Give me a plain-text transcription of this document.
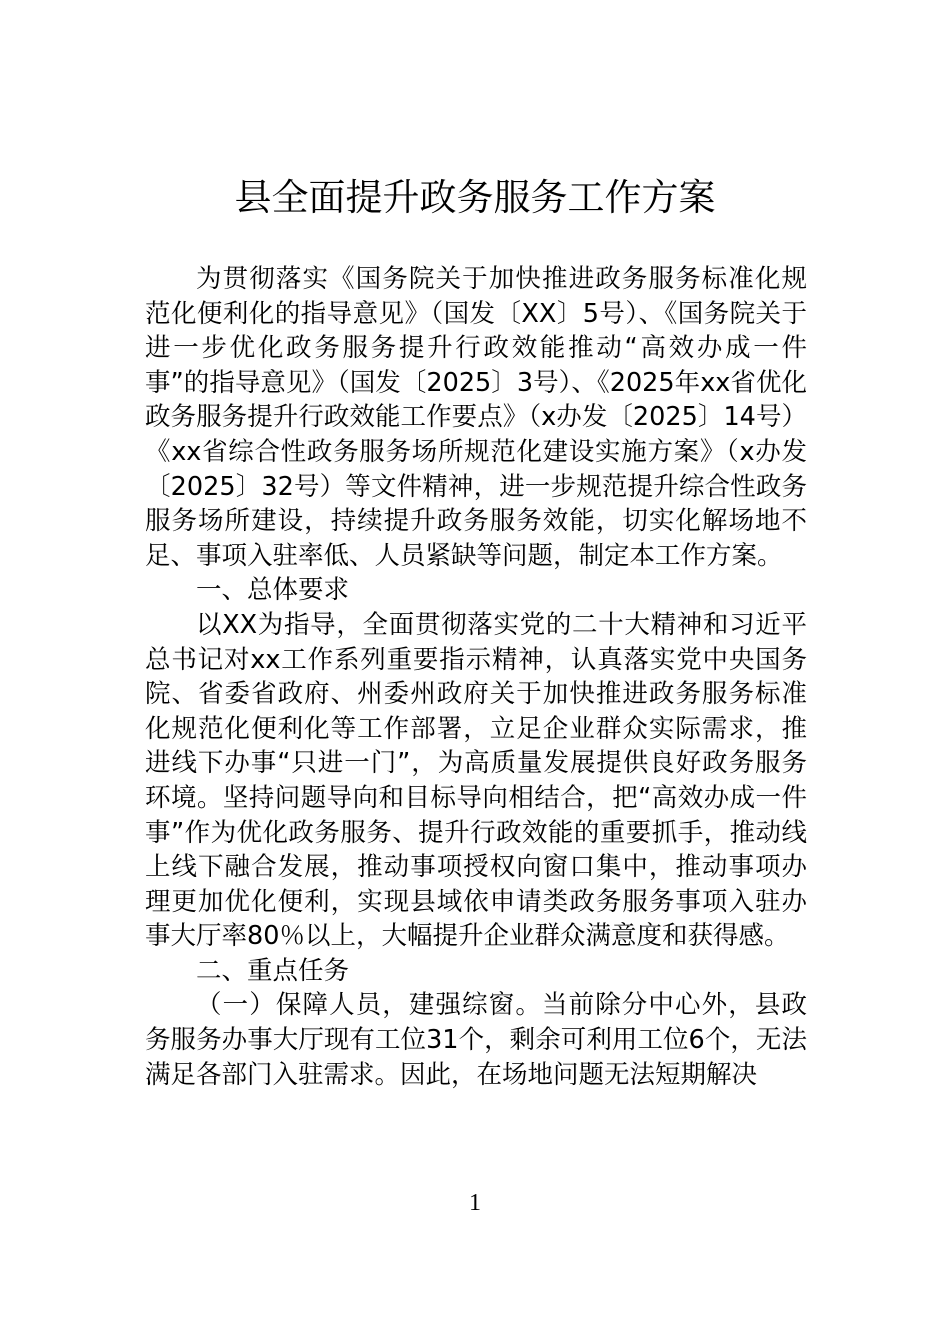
县全面提升政务服务工作方案

为贯彻落实《国务院关于加快推进政务服务标准化规范化便利化的指导意见》（国发〔XX〕5号）、《国务院关于进一步优化政务服务提升行政效能推动“高效办成一件事”的指导意见》（国发〔2025〕3号）、《2025年xx省优化政务服务提升行政效能工作要点》（x办发〔2025〕14号）《xx省综合性政务服务场所规范化建设实施方案》（x办发〔2025〕32号）等文件精神，进一步规范提升综合性政务服务场所建设，持续提升政务服务效能，切实化解场地不足、事项入驻率低、人员紧缺等问题，制定本工作方案。

一、总体要求

以XX为指导，全面贯彻落实党的二十大精神和习近平总书记对xx工作系列重要指示精神，认真落实党中央国务院、省委省政府、州委州政府关于加快推进政务服务标准化规范化便利化等工作部署，立足企业群众实际需求，推进线下办事“只进一门”，为高质量发展提供良好政务服务环境。坚持问题导向和目标导向相结合，把“高效办成一件事”作为优化政务服务、提升行政效能的重要抓手，推动线上线下融合发展，推动事项授权向窗口集中，推动事项办理更加优化便利，实现县域依申请类政务服务事项入驻办事大厅率80％以上，大幅提升企业群众满意度和获得感。

二、重点任务

（一）保障人员，建强综窗。当前除分中心外，县政务服务办事大厅现有工位31个，剩余可利用工位6个，无法满足各部门入驻需求。因此，在场地问题无法短期解决

1
